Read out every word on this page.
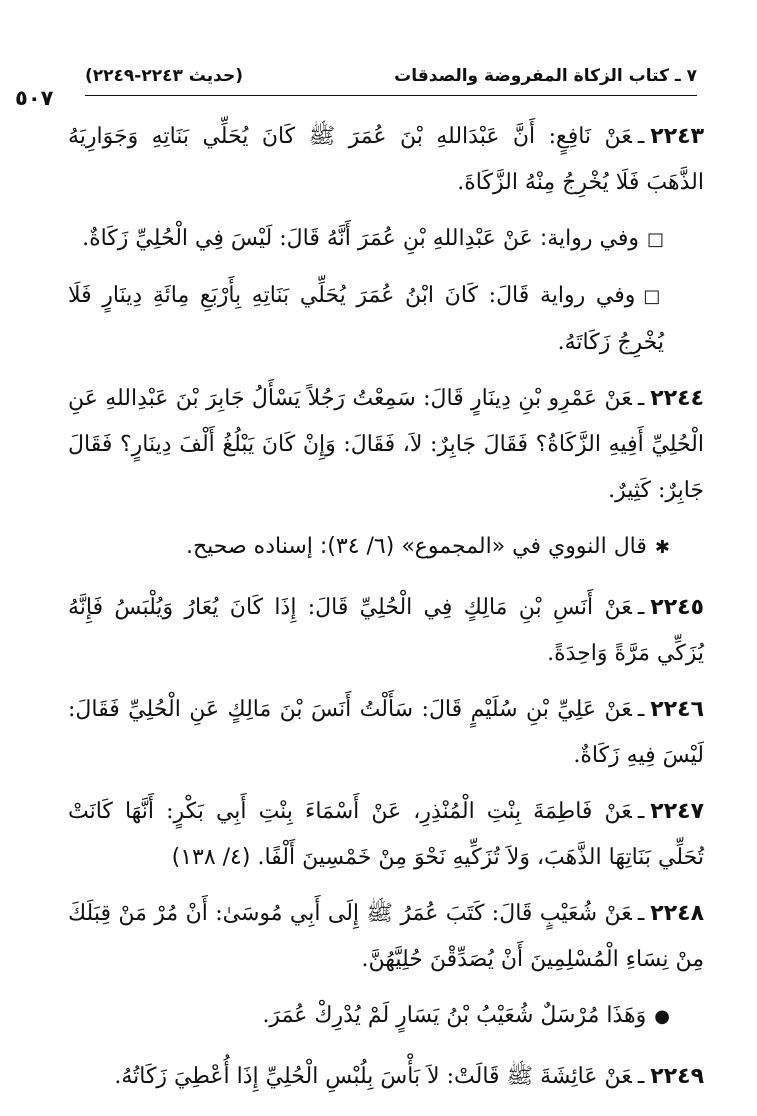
٧ ـ كتاب الزكاة المفروضة والصدقات
(حديث ٢٢٤٣-٢٢٤٩)
٥٠٧

٢٢٤٣ـعَنْ نَافِعٍ: أَنَّ عَبْدَاللهِ بْنَ عُمَرَ ﷺ كَانَ يُحَلِّي بَنَاتِهِ وَجَوَارِيَهُ الذَّهَبَ فَلَا يُخْرِجُ مِنْهُ الزَّكَاةَ.

□وفي رواية: عَنْ عَبْدِاللهِ بْنِ عُمَرَ أَنَّهُ قَالَ: لَيْسَ فِي الْحُلِيِّ زَكَاةٌ.

□وفي رواية قَالَ: كَانَ ابْنُ عُمَرَ يُحَلِّي بَنَاتِهِ بِأَرْبَعِ مِائَةِ دِينَارٍ فَلَا يُخْرِجُ زَكَاتَهُ.

٢٢٤٤ـعَنْ عَمْرِو بْنِ دِينَارٍ قَالَ: سَمِعْتُ رَجُلاً يَسْأَلُ جَابِرَ بْنَ عَبْدِاللهِ عَنِ الْحُلِيِّ أَفِيهِ الزَّكَاةُ؟ فَقَالَ جَابِرٌ: لاَ، فَقَالَ: وَإِنْ كَانَ يَبْلُغُ أَلْفَ دِينَارٍ؟ فَقَالَ جَابِرٌ: كَثِيرٌ.

✱قال النووي في «المجموع» (٦/ ٣٤): إسناده صحيح.

٢٢٤٥ـعَنْ أَنَسِ بْنِ مَالِكٍ فِي الْحُلِيِّ قَالَ: إِذَا كَانَ يُعَارُ وَيُلْبَسُ فَإِنَّهُ يُزَكِّي مَرَّةً وَاحِدَةً.

٢٢٤٦ـعَنْ عَلِيِّ بْنِ سُلَيْمٍ قَالَ: سَأَلْتُ أَنَسَ بْنَ مَالِكٍ عَنِ الْحُلِيِّ فَقَالَ: لَيْسَ فِيهِ زَكَاةٌ.

٢٢٤٧ـعَنْ فَاطِمَةَ بِنْتِ الْمُنْذِرِ، عَنْ أَسْمَاءَ بِنْتِ أَبِي بَكْرٍ: أَنَّهَا كَانَتْ تُحَلِّي بَنَاتِهَا الذَّهَبَ، وَلاَ تُزَكِّيهِ نَحْوَ مِنْ خَمْسِينَ أَلْفًا. (٤/ ١٣٨)

٢٢٤٨ـعَنْ شُعَيْبٍ قَالَ: كَتَبَ عُمَرُ ﷺ إِلَى أَبِي مُوسَىٰ: أَنْ مُرْ مَنْ قِبَلَكَ مِنْ نِسَاءِ الْمُسْلِمِينَ أَنْ يُصَدِّقْنَ حُلِيَّهُنَّ.

●وَهَذَا مُرْسَلٌ شُعَيْبُ بْنُ يَسَارٍ لَمْ يُدْرِكْ عُمَرَ.

٢٢٤٩ـعَنْ عَائِشَةَ ﷺ قَالَتْ: لاَ بَأْسَ بِلُبْسِ الْحُلِيِّ إِذَا أُعْطِيَ زَكَاتُهُ.
